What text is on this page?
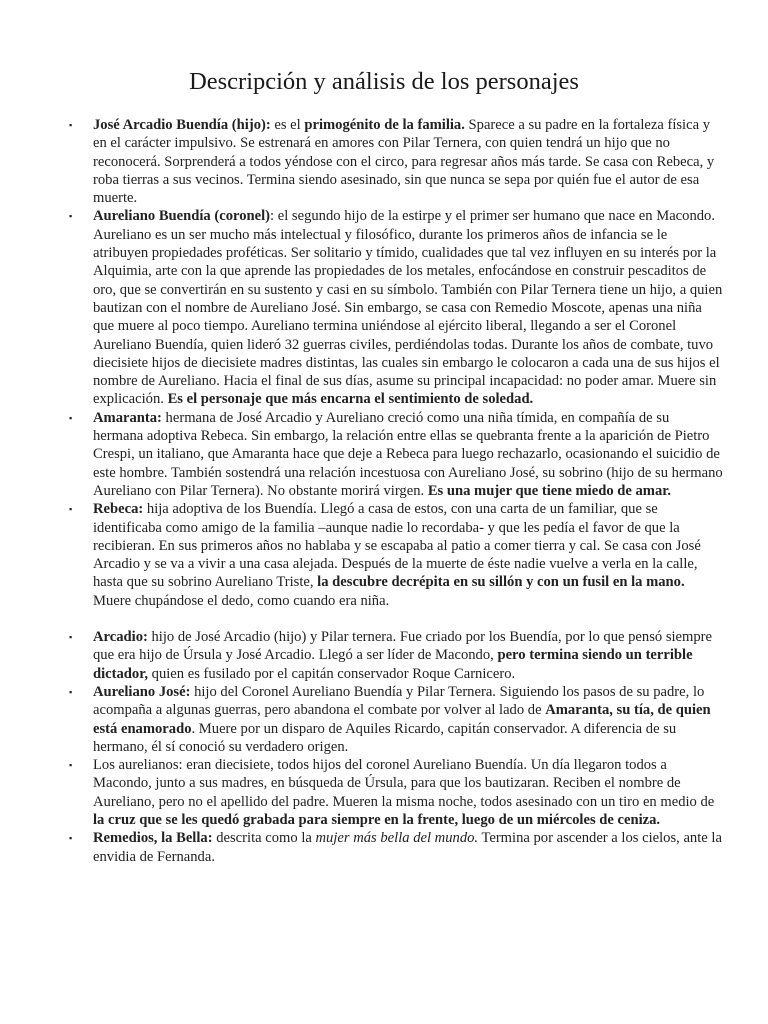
Descripción y análisis de los personajes
▪ José Arcadio Buendía (hijo): es el primogénito de la familia. Sparece a su padre en la fortaleza física y en el carácter impulsivo. Se estrenará en amores con Pilar Ternera, con quien tendrá un hijo que no reconocerá. Sorprenderá a todos yéndose con el circo, para regresar años más tarde. Se casa con Rebeca, y roba tierras a sus vecinos. Termina siendo asesinado, sin que nunca se sepa por quién fue el autor de esa muerte.
▪ Aureliano Buendía (coronel): el segundo hijo de la estirpe y el primer ser humano que nace en Macondo. Aureliano es un ser mucho más intelectual y filosófico, durante los primeros años de infancia se le atribuyen propiedades proféticas. Ser solitario y tímido, cualidades que tal vez influyen en su interés por la Alquimia, arte con la que aprende las propiedades de los metales, enfocándose en construir pescaditos de oro, que se convertirán en su sustento y casi en su símbolo. También con Pilar Ternera tiene un hijo, a quien bautizan con el nombre de Aureliano José. Sin embargo, se casa con Remedio Moscote, apenas una niña que muere al poco tiempo. Aureliano termina uniéndose al ejército liberal, llegando a ser el Coronel Aureliano Buendía, quien lideró 32 guerras civiles, perdiéndolas todas. Durante los años de combate, tuvo diecisiete hijos de diecisiete madres distintas, las cuales sin embargo le colocaron a cada una de sus hijos el nombre de Aureliano. Hacia el final de sus días, asume su principal incapacidad: no poder amar. Muere sin explicación. Es el personaje que más encarna el sentimiento de soledad.
▪ Amaranta: hermana de José Arcadio y Aureliano creció como una niña tímida, en compañía de su hermana adoptiva Rebeca. Sin embargo, la relación entre ellas se quebranta frente a la aparición de Pietro Crespi, un italiano, que Amaranta hace que deje a Rebeca para luego rechazarlo, ocasionando el suicidio de este hombre. También sostendrá una relación incestuosa con Aureliano José, su sobrino (hijo de su hermano Aureliano con Pilar Ternera). No obstante morirá virgen. Es una mujer que tiene miedo de amar.
▪ Rebeca: hija adoptiva de los Buendía. Llegó a casa de estos, con una carta de un familiar, que se identificaba como amigo de la familia –aunque nadie lo recordaba- y que les pedía el favor de que la recibieran. En sus primeros años no hablaba y se escapaba al patio a comer tierra y cal. Se casa con José Arcadio y se va a vivir a una casa alejada. Después de la muerte de éste nadie vuelve a verla en la calle, hasta que su sobrino Aureliano Triste, la descubre decrépita en su sillón y con un fusil en la mano. Muere chupándose el dedo, como cuando era niña.
▪ Arcadio: hijo de José Arcadio (hijo) y Pilar ternera. Fue criado por los Buendía, por lo que pensó siempre que era hijo de Úrsula y José Arcadio. Llegó a ser líder de Macondo, pero termina siendo un terrible dictador, quien es fusilado por el capitán conservador Roque Carnicero.
▪ Aureliano José: hijo del Coronel Aureliano Buendía y Pilar Ternera. Siguiendo los pasos de su padre, lo acompaña a algunas guerras, pero abandona el combate por volver al lado de Amaranta, su tía, de quien está enamorado. Muere por un disparo de Aquiles Ricardo, capitán conservador. A diferencia de su hermano, él sí conoció su verdadero origen.
▪ Los aurelianos: eran diecisiete, todos hijos del coronel Aureliano Buendía. Un día llegaron todos a Macondo, junto a sus madres, en búsqueda de Úrsula, para que los bautizaran. Reciben el nombre de Aureliano, pero no el apellido del padre. Mueren la misma noche, todos asesinado con un tiro en medio de la cruz que se les quedó grabada para siempre en la frente, luego de un miércoles de ceniza.
▪ Remedios, la Bella: descrita como la mujer más bella del mundo. Termina por ascender a los cielos, ante la envidia de Fernanda.
